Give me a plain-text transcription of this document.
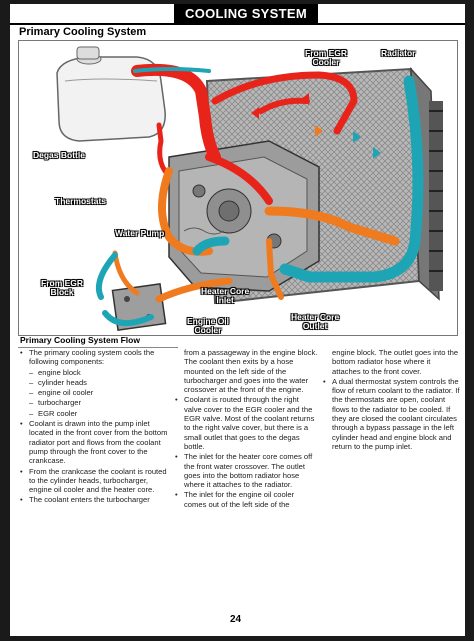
COOLING SYSTEM
Primary Cooling System
From EGR
Cooler
Radiator
Degas Bottle
Thermostats
Water Pump
From EGR
Block	Heater Core
Inlet
Engine Oil
Cooler
Heater Core
Outlet
Primary Cooling System Flow
• The primary cooling system cools the following components:
– engine block
– cylinder heads
– engine oil cooler
– turbocharger
– EGR cooler
• Coolant is drawn into the pump inlet located in the front cover from the bottom radiator port and flows from the coolant pump through the front cover to the crankcase.
• From the crankcase the coolant is routed to the cylinder heads, turbocharger, engine oil cooler and the heater core.
• The coolant enters the turbocharger
from a passageway in the engine block. The coolant then exits by a hose mounted on the left side of the turbocharger and goes into the water crossover at the front of the engine.
• Coolant is routed through the right valve cover to the EGR cooler and the EGR valve. Most of the coolant returns to the right valve cover, but there is a small outlet that goes to the degas bottle.
• The inlet for the heater core comes off the front water crossover. The outlet goes into the bottom radiator hose where it attaches to the radiator.
• The inlet for the engine oil cooler comes out of the left side of the
engine block. The outlet goes into the bottom radiator hose where it attaches to the front cover.
• A dual thermostat system controls the flow of return coolant to the radiator. If the thermostats are open, coolant flows to the radiator to be cooled. If they are closed the coolant circulates through a bypass passage in the left cylinder head and engine block and return to the pump inlet.
24
